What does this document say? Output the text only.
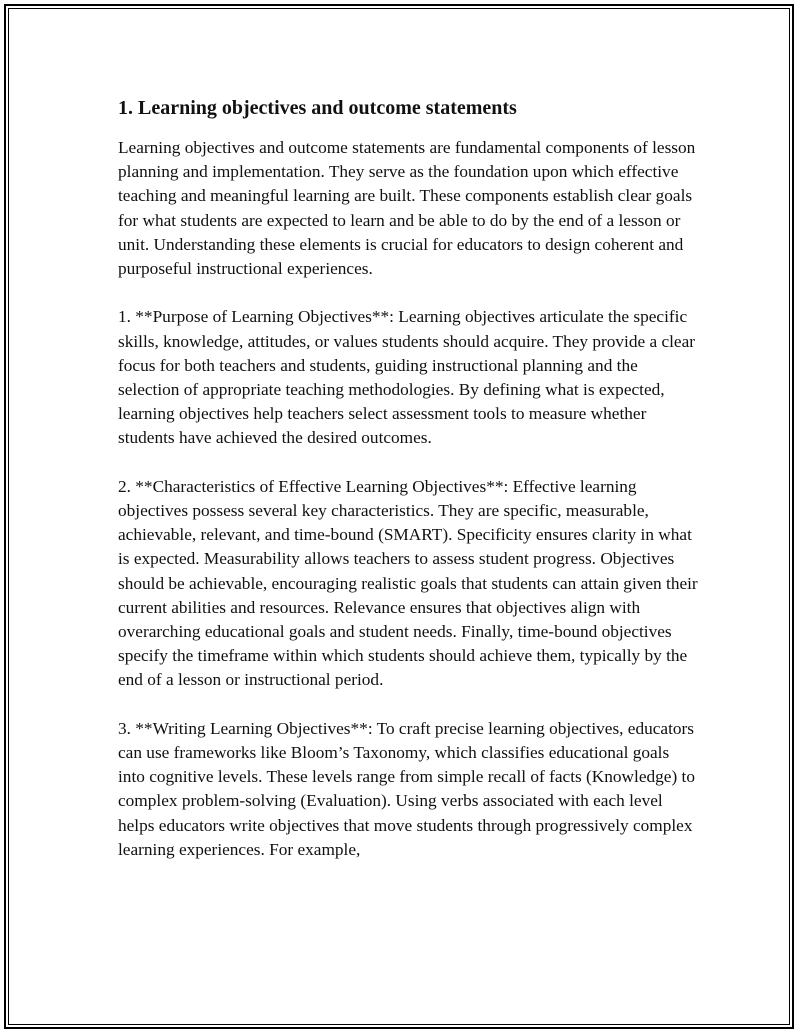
1. Learning objectives and outcome statements

Learning objectives and outcome statements are fundamental components of lesson planning and implementation. They serve as the foundation upon which effective teaching and meaningful learning are built. These components establish clear goals for what students are expected to learn and be able to do by the end of a lesson or unit. Understanding these elements is crucial for educators to design coherent and purposeful instructional experiences.

1. **Purpose of Learning Objectives**: Learning objectives articulate the specific skills, knowledge, attitudes, or values students should acquire. They provide a clear focus for both teachers and students, guiding instructional planning and the selection of appropriate teaching methodologies. By defining what is expected, learning objectives help teachers select assessment tools to measure whether students have achieved the desired outcomes.

2. **Characteristics of Effective Learning Objectives**: Effective learning objectives possess several key characteristics. They are specific, measurable, achievable, relevant, and time-bound (SMART). Specificity ensures clarity in what is expected. Measurability allows teachers to assess student progress. Objectives should be achievable, encouraging realistic goals that students can attain given their current abilities and resources. Relevance ensures that objectives align with overarching educational goals and student needs. Finally, time-bound objectives specify the timeframe within which students should achieve them, typically by the end of a lesson or instructional period.

3. **Writing Learning Objectives**: To craft precise learning objectives, educators can use frameworks like Bloom’s Taxonomy, which classifies educational goals into cognitive levels. These levels range from simple recall of facts (Knowledge) to complex problem-solving (Evaluation). Using verbs associated with each level helps educators write objectives that move students through progressively complex learning experiences. For example,
